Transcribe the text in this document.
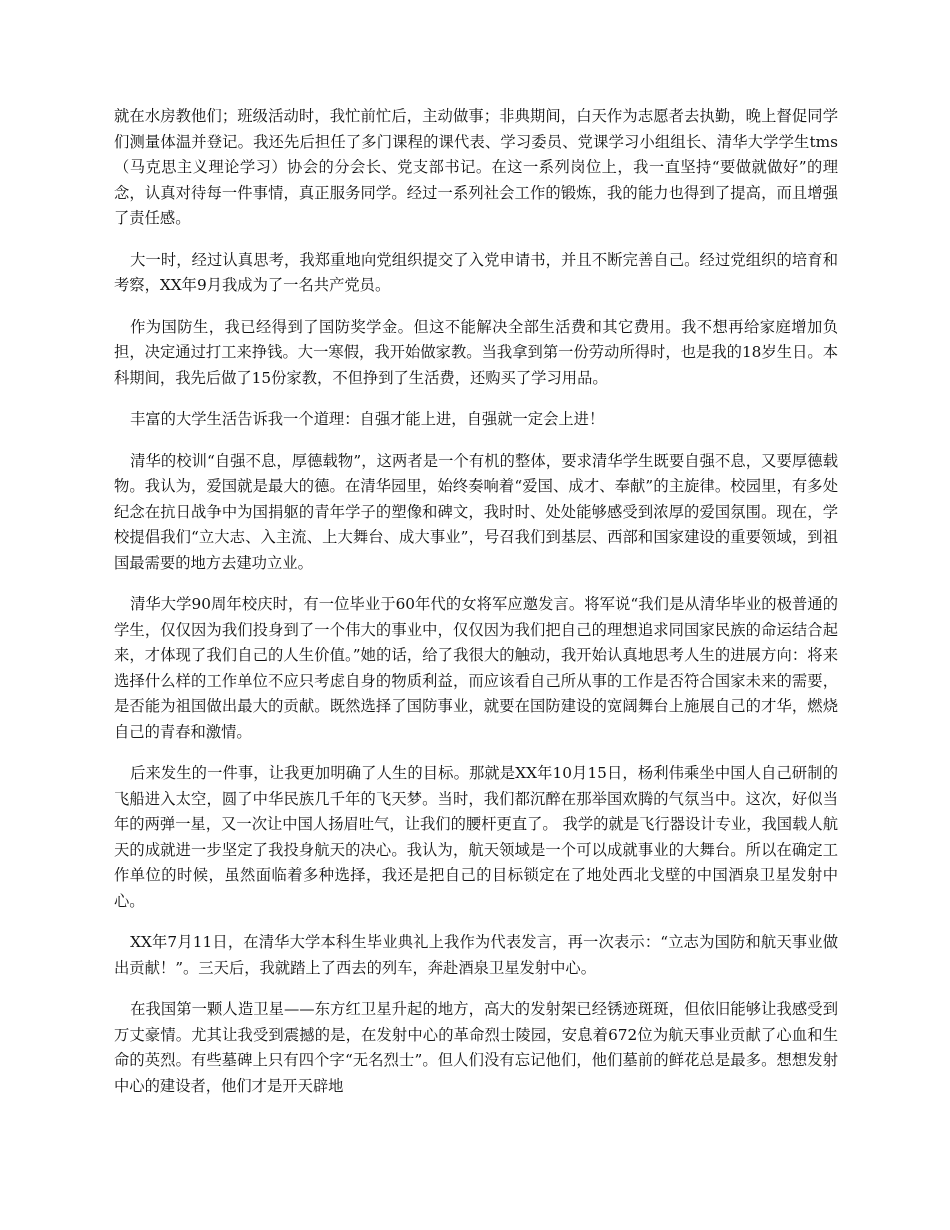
就在水房教他们；班级活动时，我忙前忙后，主动做事；非典期间，白天作为志愿者去执勤，晚上督促同学们测量体温并登记。我还先后担任了多门课程的课代表、学习委员、党课学习小组组长、清华大学学生tms（马克思主义理论学习）协会的分会长、党支部书记。在这一系列岗位上，我一直坚持“要做就做好”的理念，认真对待每一件事情，真正服务同学。经过一系列社会工作的锻炼，我的能力也得到了提高，而且增强了责任感。

大一时，经过认真思考，我郑重地向党组织提交了入党申请书，并且不断完善自己。经过党组织的培育和考察，XX年9月我成为了一名共产党员。

作为国防生，我已经得到了国防奖学金。但这不能解决全部生活费和其它费用。我不想再给家庭增加负担，决定通过打工来挣钱。大一寒假，我开始做家教。当我拿到第一份劳动所得时，也是我的18岁生日。本科期间，我先后做了15份家教，不但挣到了生活费，还购买了学习用品。

丰富的大学生活告诉我一个道理：自强才能上进，自强就一定会上进！

清华的校训“自强不息，厚德载物”，这两者是一个有机的整体，要求清华学生既要自强不息，又要厚德载物。我认为，爱国就是最大的德。在清华园里，始终奏响着“爱国、成才、奉献”的主旋律。校园里，有多处纪念在抗日战争中为国捐躯的青年学子的塑像和碑文，我时时、处处能够感受到浓厚的爱国氛围。现在，学校提倡我们“立大志、入主流、上大舞台、成大事业”，号召我们到基层、西部和国家建设的重要领域，到祖国最需要的地方去建功立业。

清华大学90周年校庆时，有一位毕业于60年代的女将军应邀发言。将军说“我们是从清华毕业的极普通的学生，仅仅因为我们投身到了一个伟大的事业中，仅仅因为我们把自己的理想追求同国家民族的命运结合起来，才体现了我们自己的人生价值。”她的话，给了我很大的触动，我开始认真地思考人生的进展方向：将来选择什么样的工作单位不应只考虑自身的物质利益，而应该看自己所从事的工作是否符合国家未来的需要，是否能为祖国做出最大的贡献。既然选择了国防事业，就要在国防建设的宽阔舞台上施展自己的才华，燃烧自己的青春和激情。

后来发生的一件事，让我更加明确了人生的目标。那就是XX年10月15日，杨利伟乘坐中国人自己研制的飞船进入太空，圆了中华民族几千年的飞天梦。当时，我们都沉醉在那举国欢腾的气氛当中。这次，好似当年的两弹一星，又一次让中国人扬眉吐气，让我们的腰杆更直了。 我学的就是飞行器设计专业，我国载人航天的成就进一步坚定了我投身航天的决心。我认为，航天领域是一个可以成就事业的大舞台。所以在确定工作单位的时候，虽然面临着多种选择，我还是把自己的目标锁定在了地处西北戈壁的中国酒泉卫星发射中心。

XX年7月11日，在清华大学本科生毕业典礼上我作为代表发言，再一次表示：“立志为国防和航天事业做出贡献！”。三天后，我就踏上了西去的列车，奔赴酒泉卫星发射中心。

在我国第一颗人造卫星——东方红卫星升起的地方，高大的发射架已经锈迹斑斑，但依旧能够让我感受到万丈豪情。尤其让我受到震撼的是，在发射中心的革命烈士陵园，安息着672位为航天事业贡献了心血和生命的英烈。有些墓碑上只有四个字“无名烈士”。但人们没有忘记他们，他们墓前的鲜花总是最多。想想发射中心的建设者，他们才是开天辟地
